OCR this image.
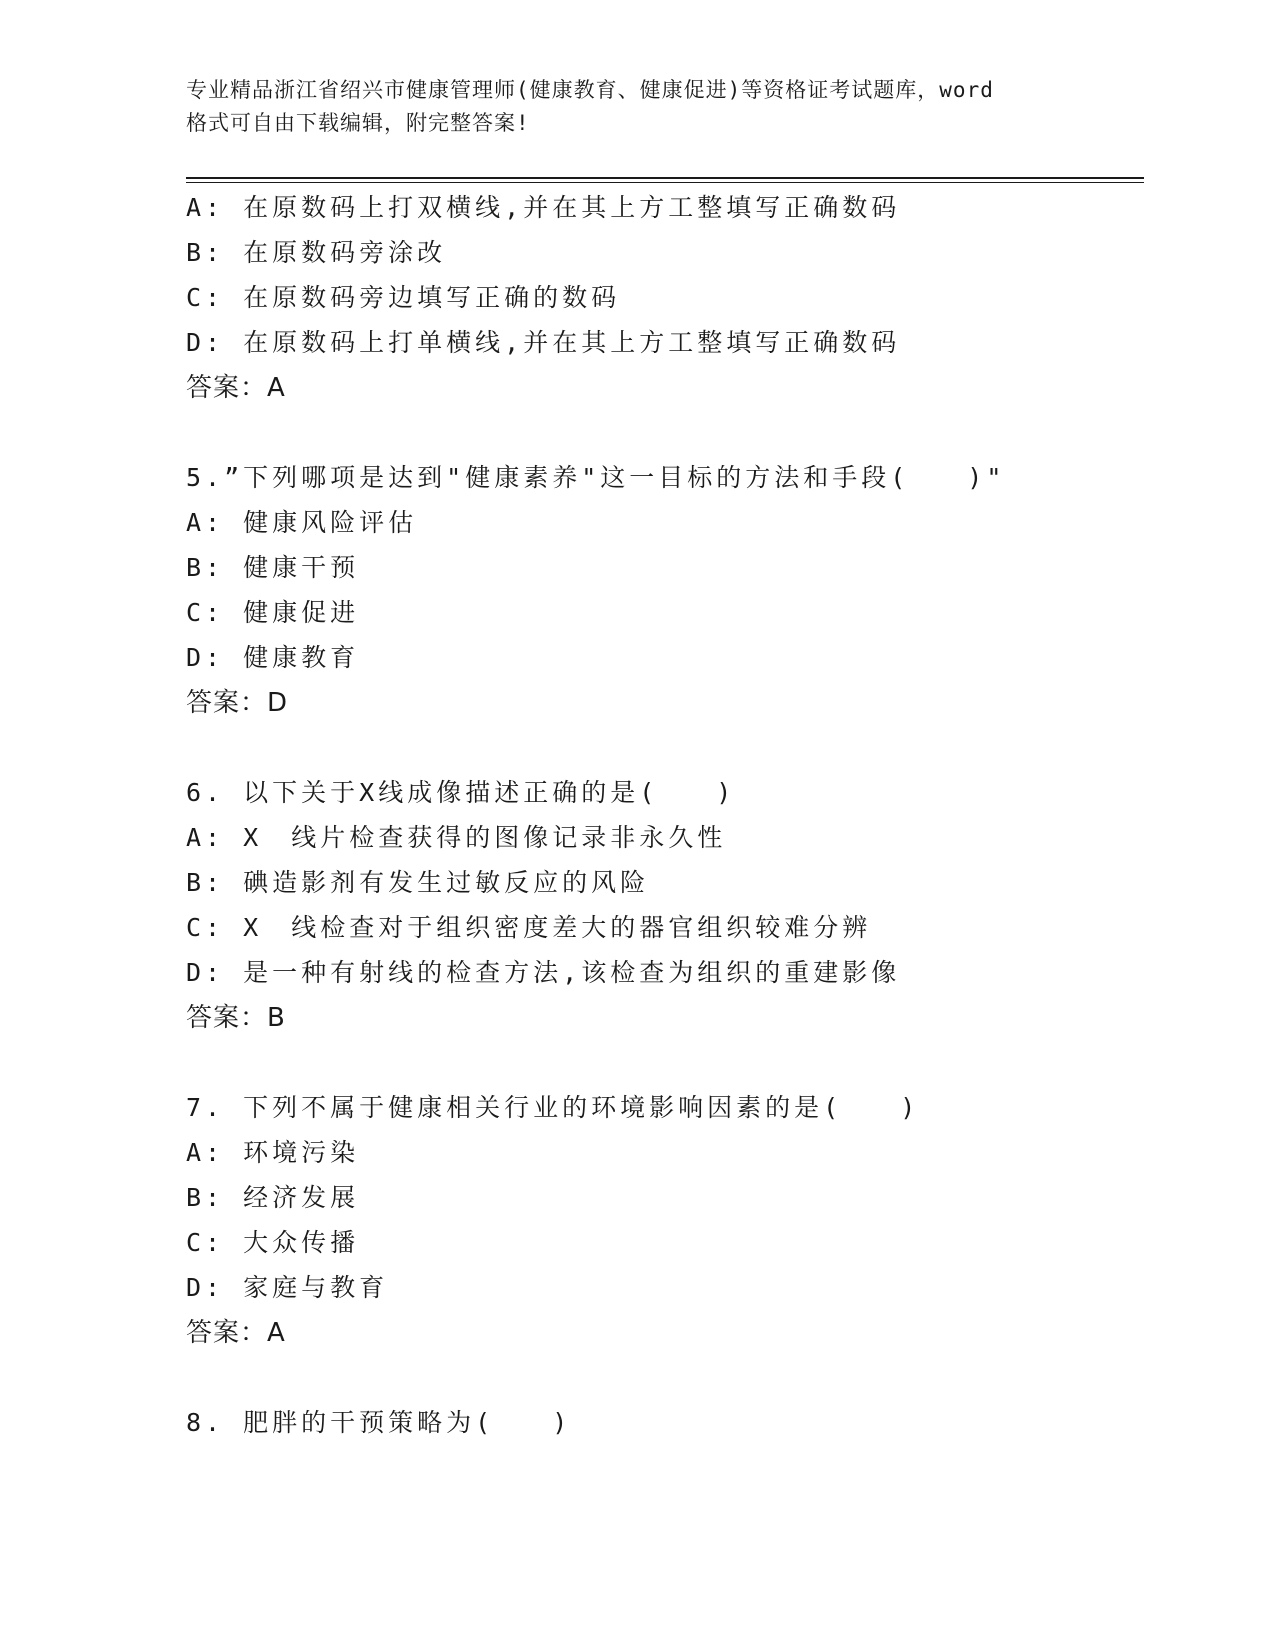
专业精品浙江省绍兴市健康管理师(健康教育、健康促进)等资格证考试题库，word
格式可自由下载编辑，附完整答案!
A: 在原数码上打双横线,并在其上方工整填写正确数码
B: 在原数码旁涂改
C: 在原数码旁边填写正确的数码
D: 在原数码上打单横线,并在其上方工整填写正确数码
答案：A
5.”下列哪项是达到"健康素养"这一目标的方法和手段(　　)"
A: 健康风险评估
B: 健康干预
C: 健康促进
D: 健康教育
答案：D
6. 以下关于X线成像描述正确的是(　　)
A: X　线片检查获得的图像记录非永久性
B: 碘造影剂有发生过敏反应的风险
C: X　线检查对于组织密度差大的器官组织较难分辨
D: 是一种有射线的检查方法,该检查为组织的重建影像
答案：B
7. 下列不属于健康相关行业的环境影响因素的是(　　)
A: 环境污染
B: 经济发展
C: 大众传播
D: 家庭与教育
答案：A
8. 肥胖的干预策略为(　　)
